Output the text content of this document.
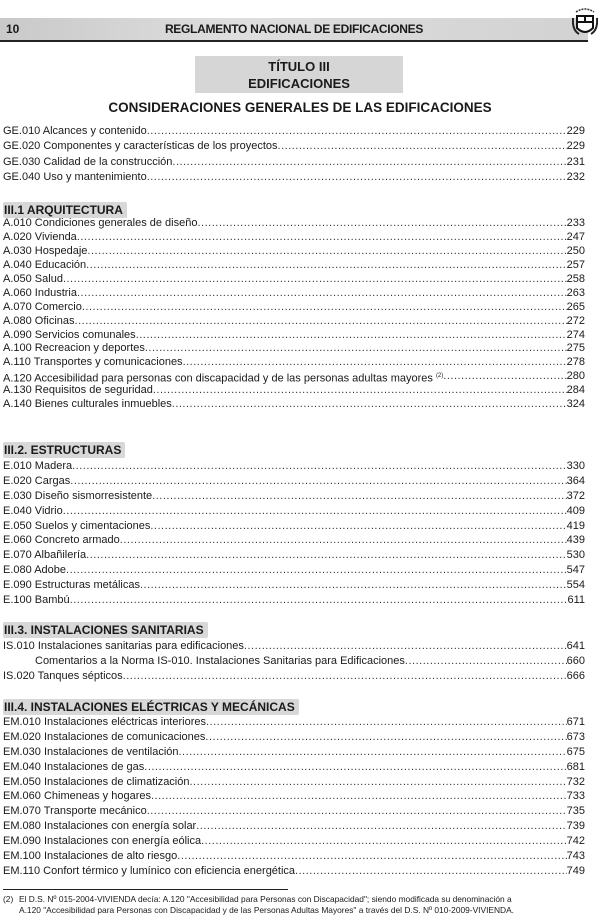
10	REGLAMENTO NACIONAL DE EDIFICACIONES
TÍTULO III
EDIFICACIONES
CONSIDERACIONES GENERALES DE LAS EDIFICACIONES
GE.010 Alcances y contenido .....	229
GE.020 Componentes y características de los proyectos .....	229
GE.030 Calidad de la construcción .....	231
GE.040 Uso y mantenimiento .....	232
III.1 ARQUITECTURA
A.010 Condiciones generales de diseño .....	233
A.020 Vivienda .....	247
A.030 Hospedaje .....	250
A.040 Educación .....	257
A.050 Salud .....	258
A.060 Industria .....	263
A.070 Comercio .....	265
A.080 Oficinas .....	272
A.090 Servicios comunales .....	274
A.100 Recreacion y deportes .....	275
A.110 Transportes y comunicaciones .....	278
A.120 Accesibilidad para personas con discapacidad y de las personas adultas mayores $^{(2)}$ .....	280
A.130 Requisitos de seguridad .....	284
A.140 Bienes culturales inmuebles .....	324
III.2. ESTRUCTURAS
E.010 Madera .....	330
E.020 Cargas .....	364
E.030 Diseño sismorresistente .....	372
E.040 Vidrio .....	409
E.050 Suelos y cimentaciones .....	419
E.060 Concreto armado .....	439
E.070 Albañilería .....	530
E.080 Adobe .....	547
E.090 Estructuras metálicas .....	554
E.100 Bambú .....	611
III.3. INSTALACIONES SANITARIAS
IS.010 Instalaciones sanitarias para edificaciones .....	641
Comentarios a la Norma IS-010. Instalaciones Sanitarias para Edificaciones .....	660
IS.020 Tanques sépticos .....	666
III.4. INSTALACIONES ELÉCTRICAS Y MECÁNICAS
EM.010 Instalaciones eléctricas interiores .....	671
EM.020 Instalaciones de comunicaciones .....	673
EM.030 Instalaciones de ventilación .....	675
EM.040 Instalaciones de gas .....	681
EM.050 Instalaciones de climatización .....	732
EM.060 Chimeneas y hogares .....	733
EM.070 Transporte mecánico .....	735
EM.080 Instalaciones con energía solar .....	739
EM.090 Instalaciones con energía eólica .....	742
EM.100 Instalaciones de alto riesgo .....	743
EM.110 Confort térmico y lumínico con eficiencia energética .....	749
(2) El D.S. Nº 015-2004-VIVIENDA decía: A.120 "Accesibilidad para Personas con Discapacidad"; siendo modificada su denominación a
A.120 "Accesibilidad para Personas con Discapacidad y de las Personas Adultas Mayores" a través del D.S. Nº 010-2009-VIVIENDA.
